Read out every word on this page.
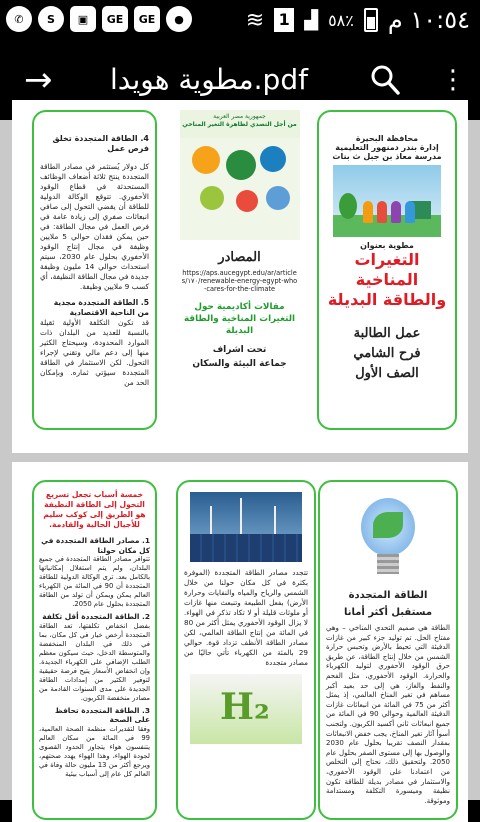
✆	S	▣	GE	GE	●	≋ 1 ▟ ٥٨٪ ١٠:٥٤ م
→ مطوية هويدا.pdf	⋮
4. الطاقة المتجددة تخلق فرص عمل
كل دولار يُستثمر في مصادر الطاقة المتجددة ينتج ثلاثة أضعاف الوظائف المستحدثة في قطاع الوقود الأحفوري. تتوقع الوكالة الدولية للطاقة أن يقضي التحول إلى صافي انبعاثات صفري إلى زيادة عامة في فرص العمل في مجال الطاقة: في حين يمكن فقدان حوالي 5 ملايين وظيفة في مجال إنتاج الوقود الأحفوري بحلول عام 2030، سيتم استحداث حوالي 14 مليون وظيفة جديدة في مجال الطاقة النظيفة، أي كسب 9 ملايين وظيفة.
5. الطاقة المتجددة مجدية من الناحية الاقتصادية
قد تكون التكلفة الأولية ثقيلة بالنسبة للعديد من البلدان ذات الموارد المحدودة، وسيحتاج الكثير منها إلى دعم مالي وتقني لإجراء التحول. لكن الاستثمار في الطاقة المتجددة سيؤتي ثماره. وبإمكان الحد من
جمهورية مصر العربية
من أجل التصدي لظاهرة التغير المناخي
المصادر
https://aps.aucegypt.edu/ar/articles/١٧٠/renewable-energy-egypt-who-cares-for-the-climate
مقالات أكاديمية حول التغيرات المناخية والطاقة البديلة
تحت اشراف
جماعة البيئة والسكان
محافظة البحيرة
إدارة بندر دمنهور التعليمية
مدرسة معاذ بن جبل ث بنات
مطوية بعنوان
التغيرات المناخية
والطاقة البديلة
عمل الطالبة
فرح الشامي
الصف الأول
خمسة أسباب تجعل تسريع التحول إلى الطاقة النظيفة هو الطريق إلى كوكب سليم للأجيال الحالية والقادمة.
1. مصادر الطاقة المتجددة في كل مكان حولنا
تتوافر مصادر الطاقة المتجددة في جميع البلدان، ولم يتم استغلال إمكانياتها بالكامل بعد. ترى الوكالة الدولية للطاقة المتجددة أن 90 في المائة من الكهرباء العالم يمكن ويمكن أن تولد من الطاقة المتجددة بحلول عام 2050.
2. الطاقة المتجددة أقل تكلفة
بفضل انخفاض تكلفتها، تعد الطاقة المتجددة أرخص خيار في كل مكان، بما في ذلك في البلدان المنخفضة والمتوسطة الدخل، حيث سيكون معظم الطلب الإضافي على الكهرباء الجديدة. وإن انخفاض الأسعار يتيح فرصة حقيقية لتوفير الكثير من إمدادات الطاقة الجديدة على مدى السنوات القادمة من مصادر منخفضة الكربون.
3. الطاقة المتجددة تحافظ على الصحة
وفقا لتقديرات منظمة الصحة العالمية، 99 في المائة من سكان العالم يتنفسون هواء يتجاوز الحدود القصوى لجودة الهواء، وهذا الهواء يهدد صحتهم، ويرجع أكثر من 13 مليون حالة وفاة في العالم كل عام إلى أسباب بيئية
تتجدد مصادر الطاقة المتجددة (الموفرة بكثرة في كل مكان حولنا من خلال الشمس والرياح والمياه والنفايات وحرارة الأرض) بفعل الطبيعة وتنبعث منها غازات أو ملوثات قليلة أو لا تكاد تذكر في الهواء. لا يزال الوقود الأحفوري يمثل أكثر من 80 في المائة من إنتاج الطاقة العالمي، لكن مصادر الطاقة الأنظف تزداد قوة. حوالي 29 بالمئة من الكهرباء تأتي حاليًا من مصادر متجددة
H₂
الطاقة المتجددة
مستقبل أكثر أمانا
الطاقة هي صميم التحدي المناخي – وهي مفتاح الحل. تم توليد جزء كبير من غازات الدفيئة التي تحيط بالأرض وتحبس حرارة الشمس من خلال إنتاج الطاقة، عن طريق حرق الوقود الأحفوري لتوليد الكهرباء والحرارة. الوقود الأحفوري، مثل الفحم والنفط والغاز، هي إلى حد بعيد أكبر مساهم في تغير المناخ العالمي، إذ يمثل أكثر من 75 في المائة من انبعاثات غازات الدفيئة العالمية وحوالي 90 في المائة من جميع انبعاثات ثاني أكسيد الكربون. ولتجنب أسوأ آثار تغير المناخ، يجب خفض الانبعاثات بمقدار النصف تقريبا بحلول عام 2030 والوصول بها إلى مستوى الصفر بحلول عام 2050. ولتحقيق ذلك، نحتاج إلى التخلص من اعتمادنا على الوقود الأحفوري، والاستثمار في مصادر بديلة للطاقة تكون نظيفة وميسورة التكلفة ومستدامة وموثوقة.
